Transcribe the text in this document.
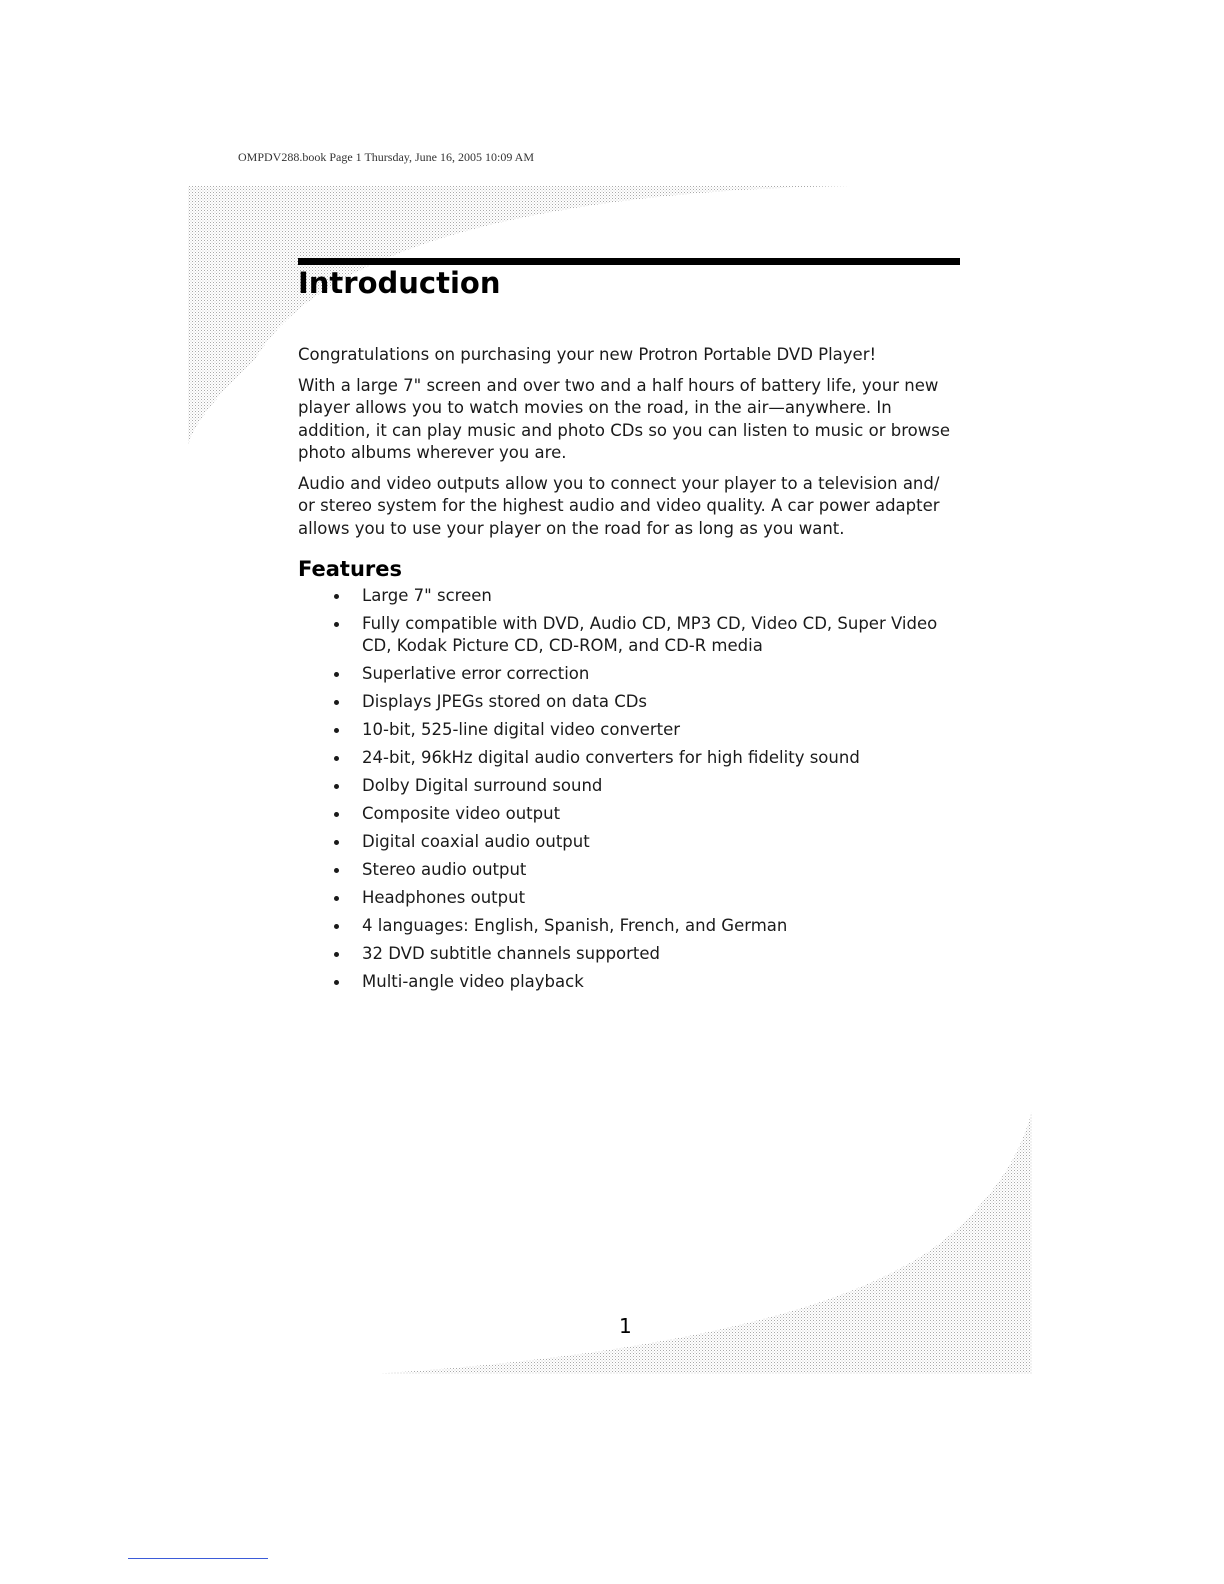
OMPDV288.book Page 1 Thursday, June 16, 2005 10:09 AM
Introduction

Congratulations on purchasing your new Protron Portable DVD Player!

With a large 7" screen and over two and a half hours of battery life, your new player allows you to watch movies on the road, in the air—anywhere. In addition, it can play music and photo CDs so you can listen to music or browse photo albums wherever you are.

Audio and video outputs allow you to connect your player to a television and/ or stereo system for the highest audio and video quality. A car power adapter allows you to use your player on the road for as long as you want.

Features
Large 7" screen
Fully compatible with DVD, Audio CD, MP3 CD, Video CD, Super Video CD, Kodak Picture CD, CD-ROM, and CD-R media
Superlative error correction
Displays JPEGs stored on data CDs
10-bit, 525-line digital video converter
24-bit, 96kHz digital audio converters for high fidelity sound
Dolby Digital surround sound
Composite video output
Digital coaxial audio output
Stereo audio output
Headphones output
4 languages: English, Spanish, French, and German
32 DVD subtitle channels supported
Multi-angle video playback
1
